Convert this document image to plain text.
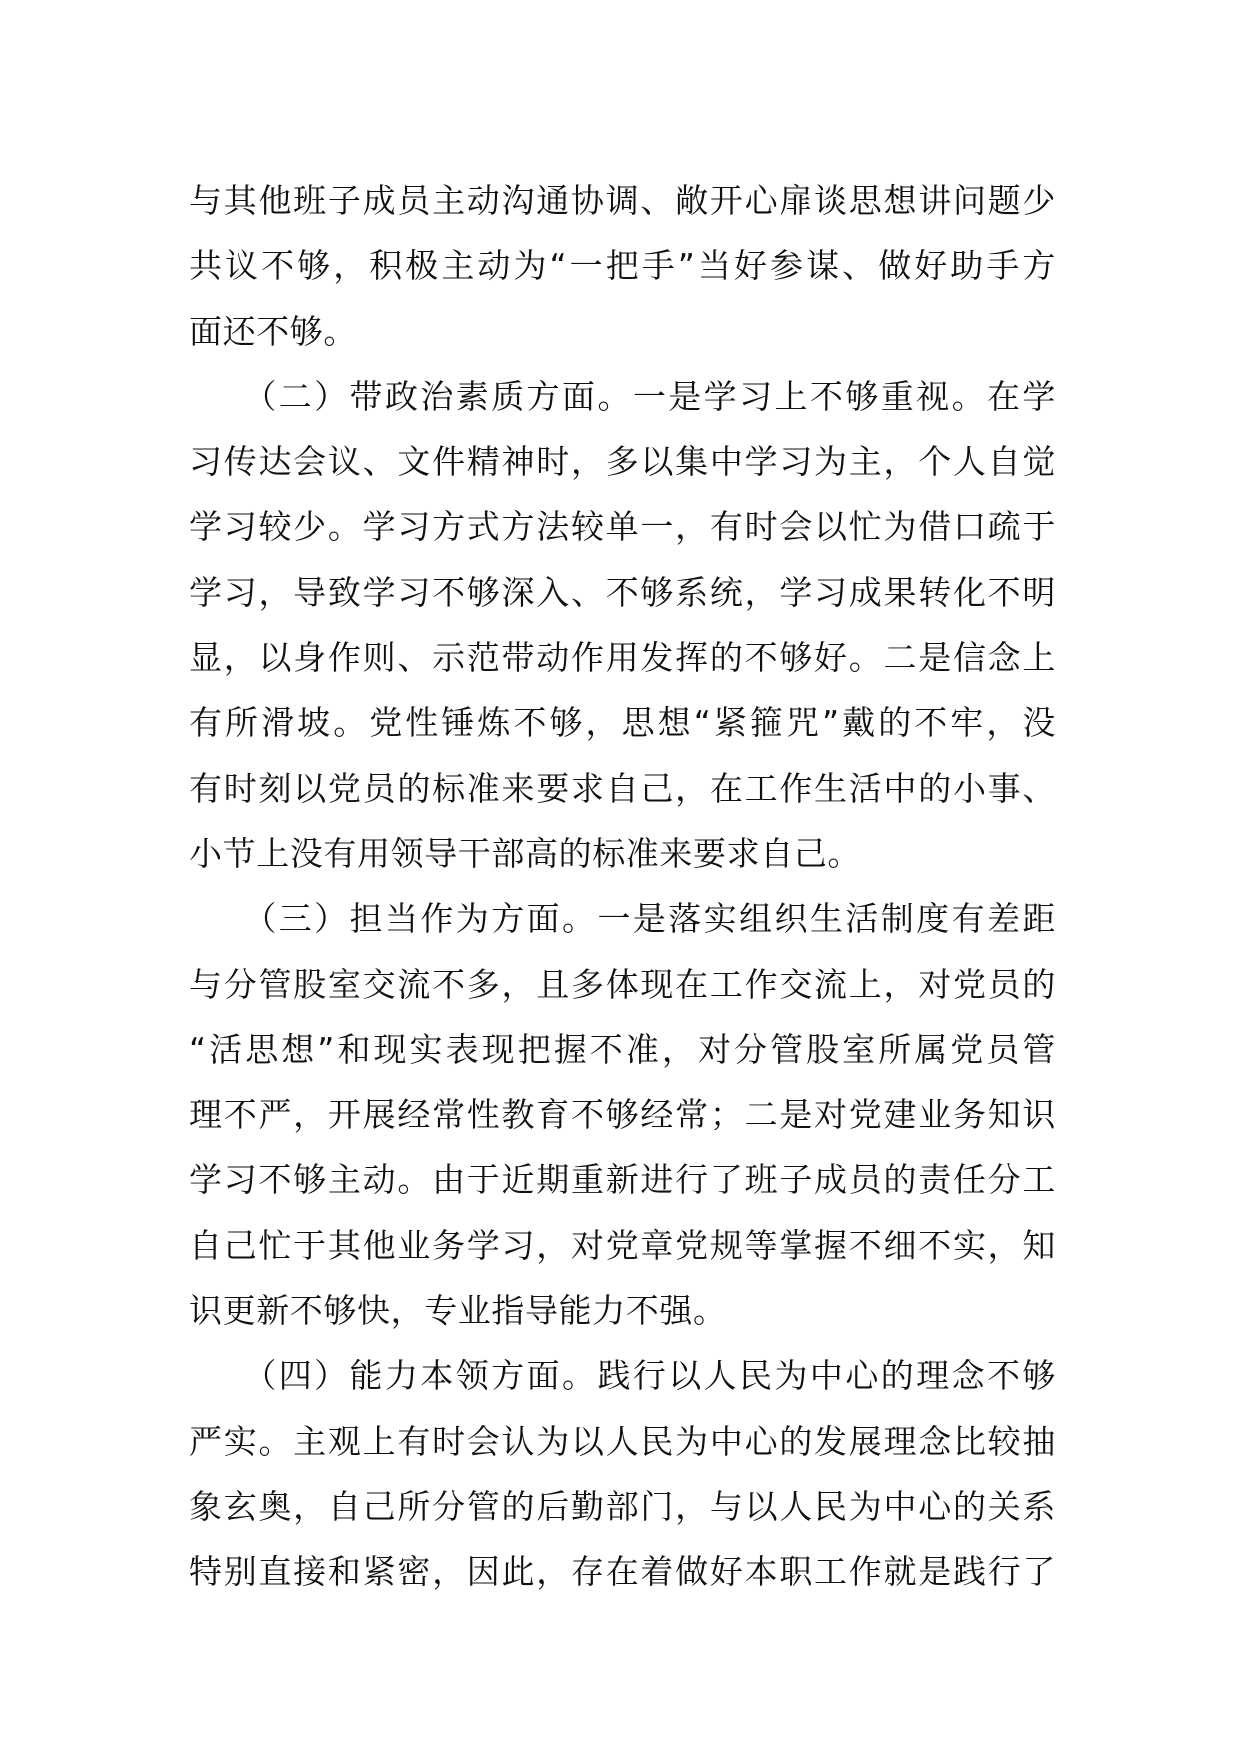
与其他班子成员主动沟通协调、敞开心扉谈思想讲问题少
共议不够，积极主动为“一把手”当好参谋、做好助手方
面还不够。
　　（二）带政治素质方面。一是学习上不够重视。在学
习传达会议、文件精神时，多以集中学习为主，个人自觉
学习较少。学习方式方法较单一，有时会以忙为借口疏于
学习，导致学习不够深入、不够系统，学习成果转化不明
显，以身作则、示范带动作用发挥的不够好。二是信念上
有所滑坡。党性锤炼不够，思想“紧箍咒”戴的不牢，没
有时刻以党员的标准来要求自己，在工作生活中的小事、
小节上没有用领导干部高的标准来要求自己。
　　（三）担当作为方面。一是落实组织生活制度有差距
与分管股室交流不多，且多体现在工作交流上，对党员的
“活思想”和现实表现把握不准，对分管股室所属党员管
理不严，开展经常性教育不够经常；二是对党建业务知识
学习不够主动。由于近期重新进行了班子成员的责任分工
自己忙于其他业务学习，对党章党规等掌握不细不实，知
识更新不够快，专业指导能力不强。
　　（四）能力本领方面。践行以人民为中心的理念不够
严实。主观上有时会认为以人民为中心的发展理念比较抽
象玄奥，自己所分管的后勤部门，与以人民为中心的关系
特别直接和紧密，因此，存在着做好本职工作就是践行了
